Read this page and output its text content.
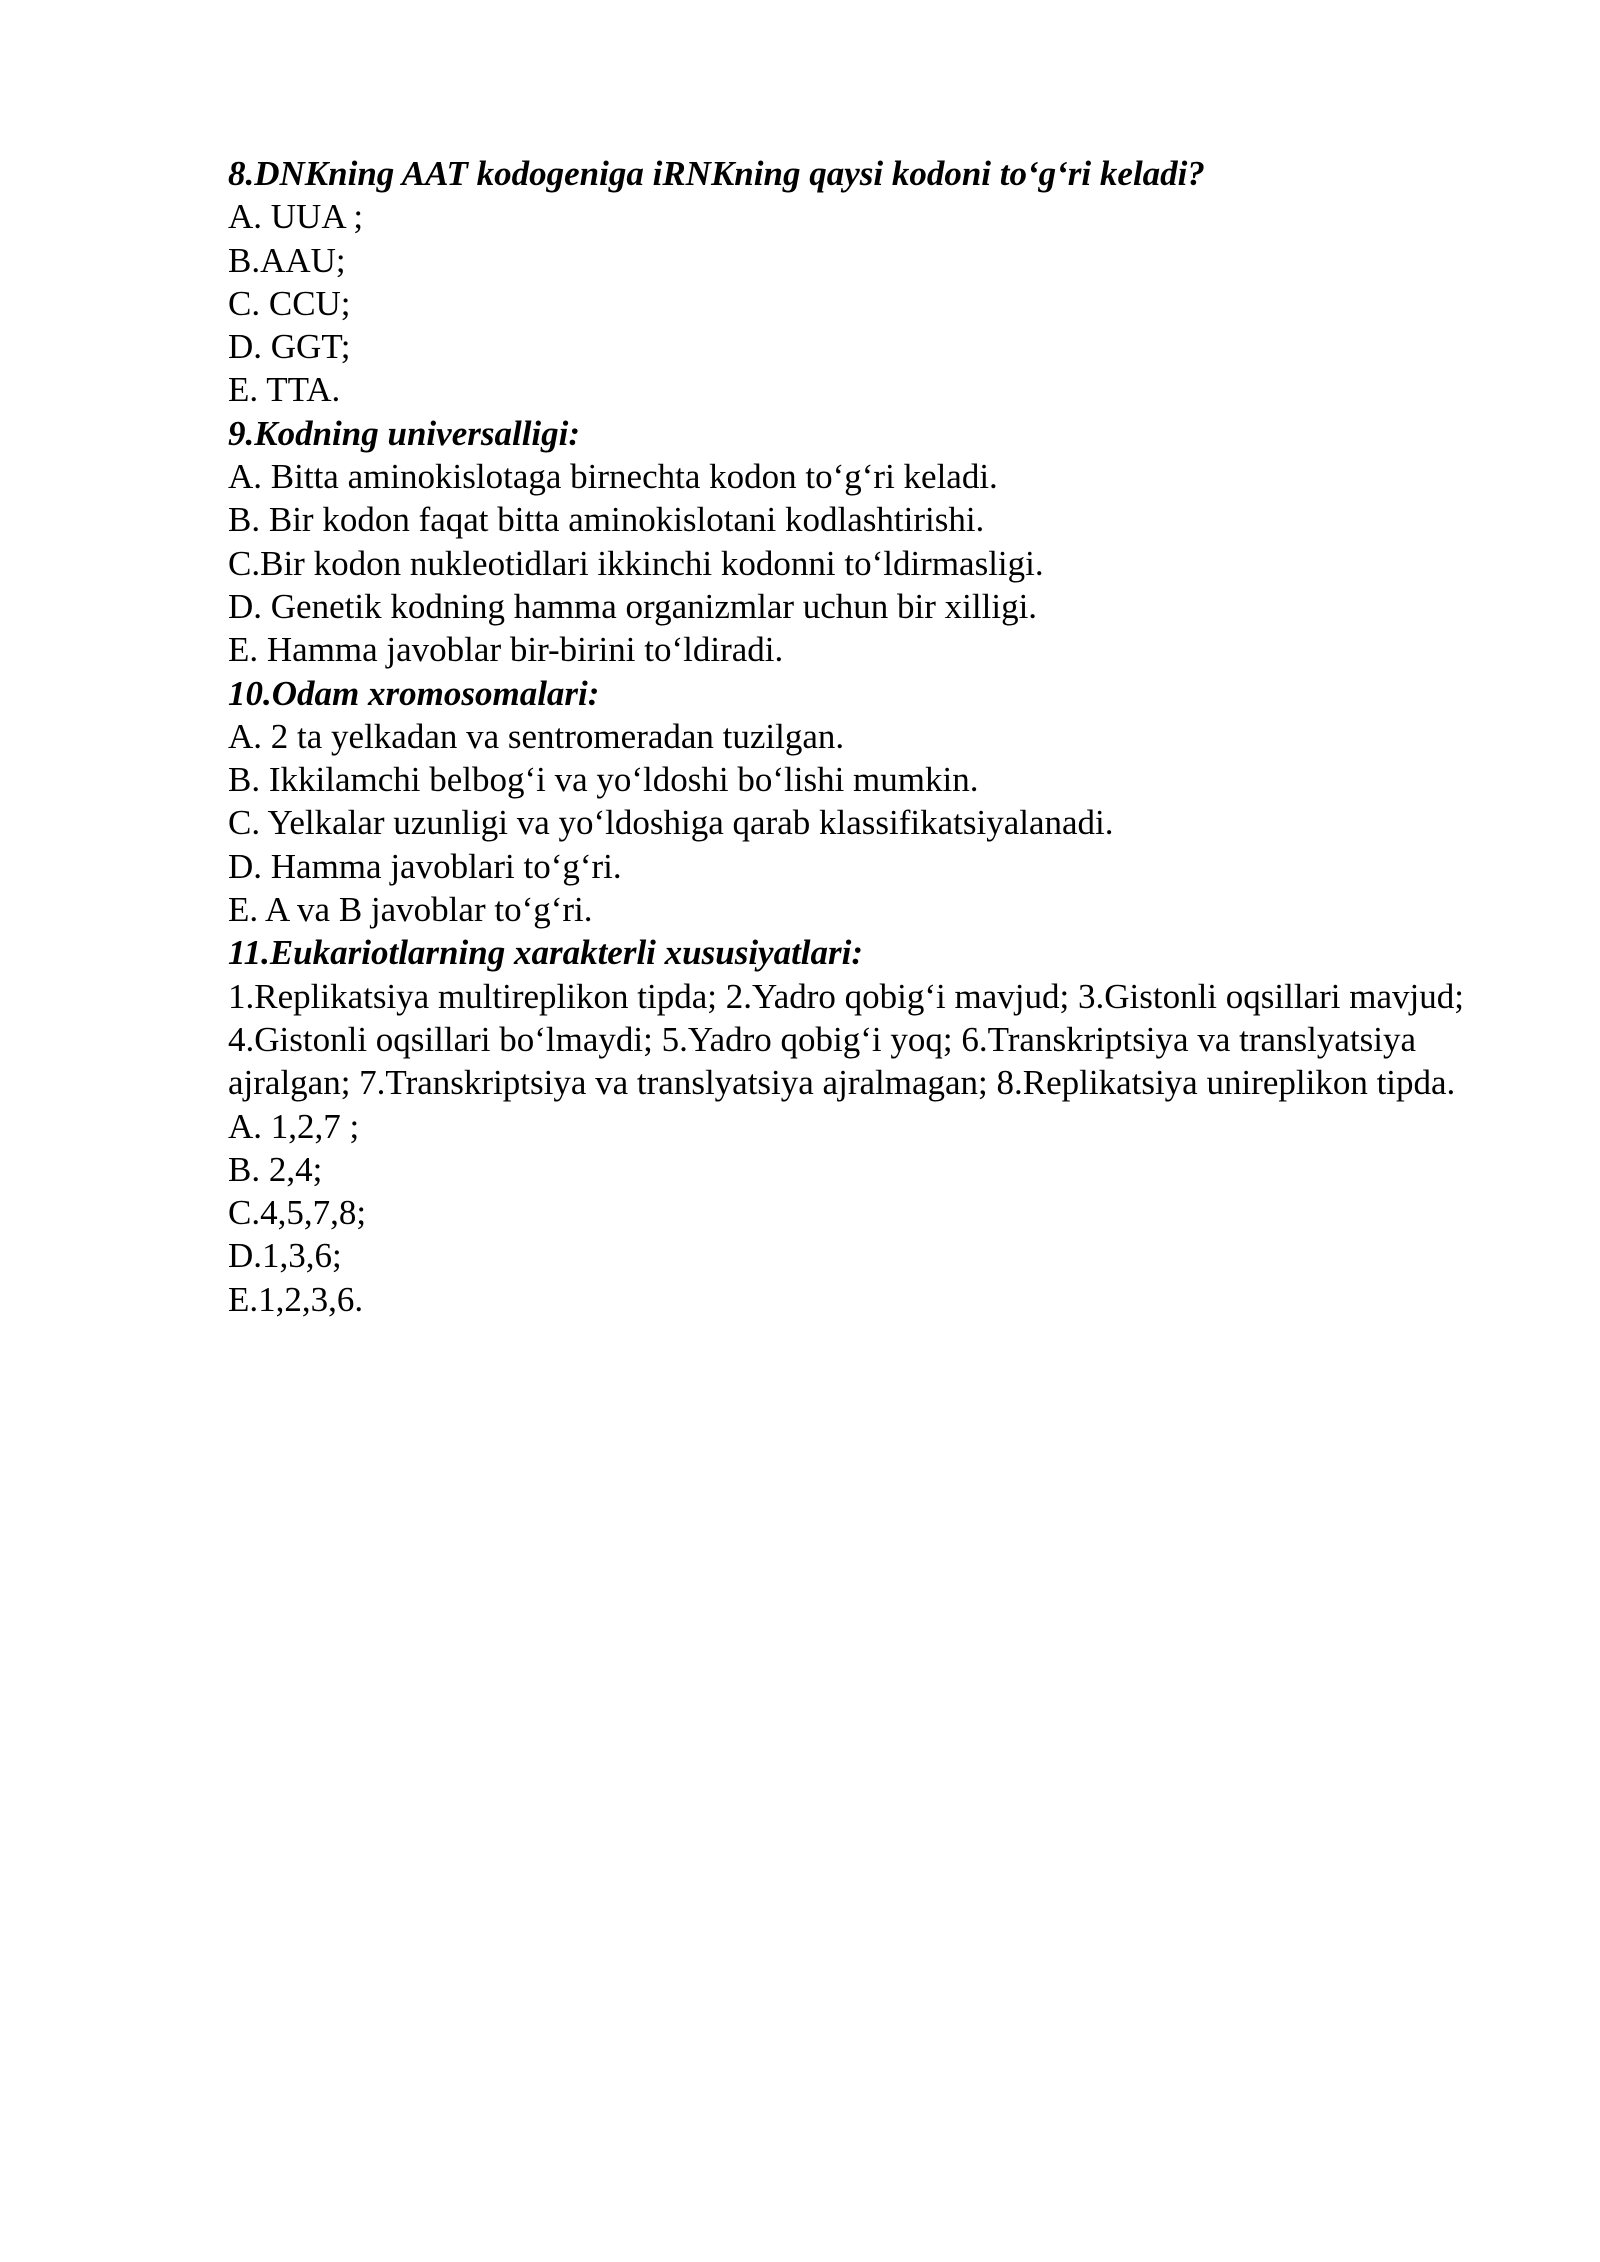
8.DNKning AAT kodogeniga iRNKning qaysi kodoni to‘g‘ri keladi?

A. UUA ;
B.AAU;
C. CCU;
D. GGT;
E. TTA.

9.Kodning universalligi:

A. Bitta aminokislotaga birnechta kodon to‘g‘ri keladi.
B. Bir kodon faqat bitta aminokislotani kodlashtirishi.
C.Bir kodon nukleotidlari ikkinchi kodonni to‘ldirmasligi.
D. Genetik kodning hamma organizmlar uchun bir xilligi.
E. Hamma javoblar bir-birini to‘ldiradi.

10.Odam xromosomalari:

A. 2 ta yelkadan va sentromeradan tuzilgan.
B. Ikkilamchi belbog‘i va yo‘ldoshi bo‘lishi mumkin.
C. Yelkalar uzunligi va yo‘ldoshiga qarab klassifikatsiyalanadi.
D. Hamma javoblari to‘g‘ri.
E. A va B javoblar to‘g‘ri.

11.Eukariotlarning xarakterli xususiyatlari:

1.Replikatsiya multireplikon tipda; 2.Yadro qobig‘i mavjud; 3.Gistonli oqsillari mavjud; 4.Gistonli oqsillari bo‘lmaydi; 5.Yadro qobig‘i yoq; 6.Transkriptsiya va translyatsiya ajralgan; 7.Transkriptsiya va translyatsiya ajralmagan; 8.Replikatsiya unireplikon tipda.

A. 1,2,7 ;
B. 2,4;
C.4,5,7,8;
D.1,3,6;
E.1,2,3,6.
